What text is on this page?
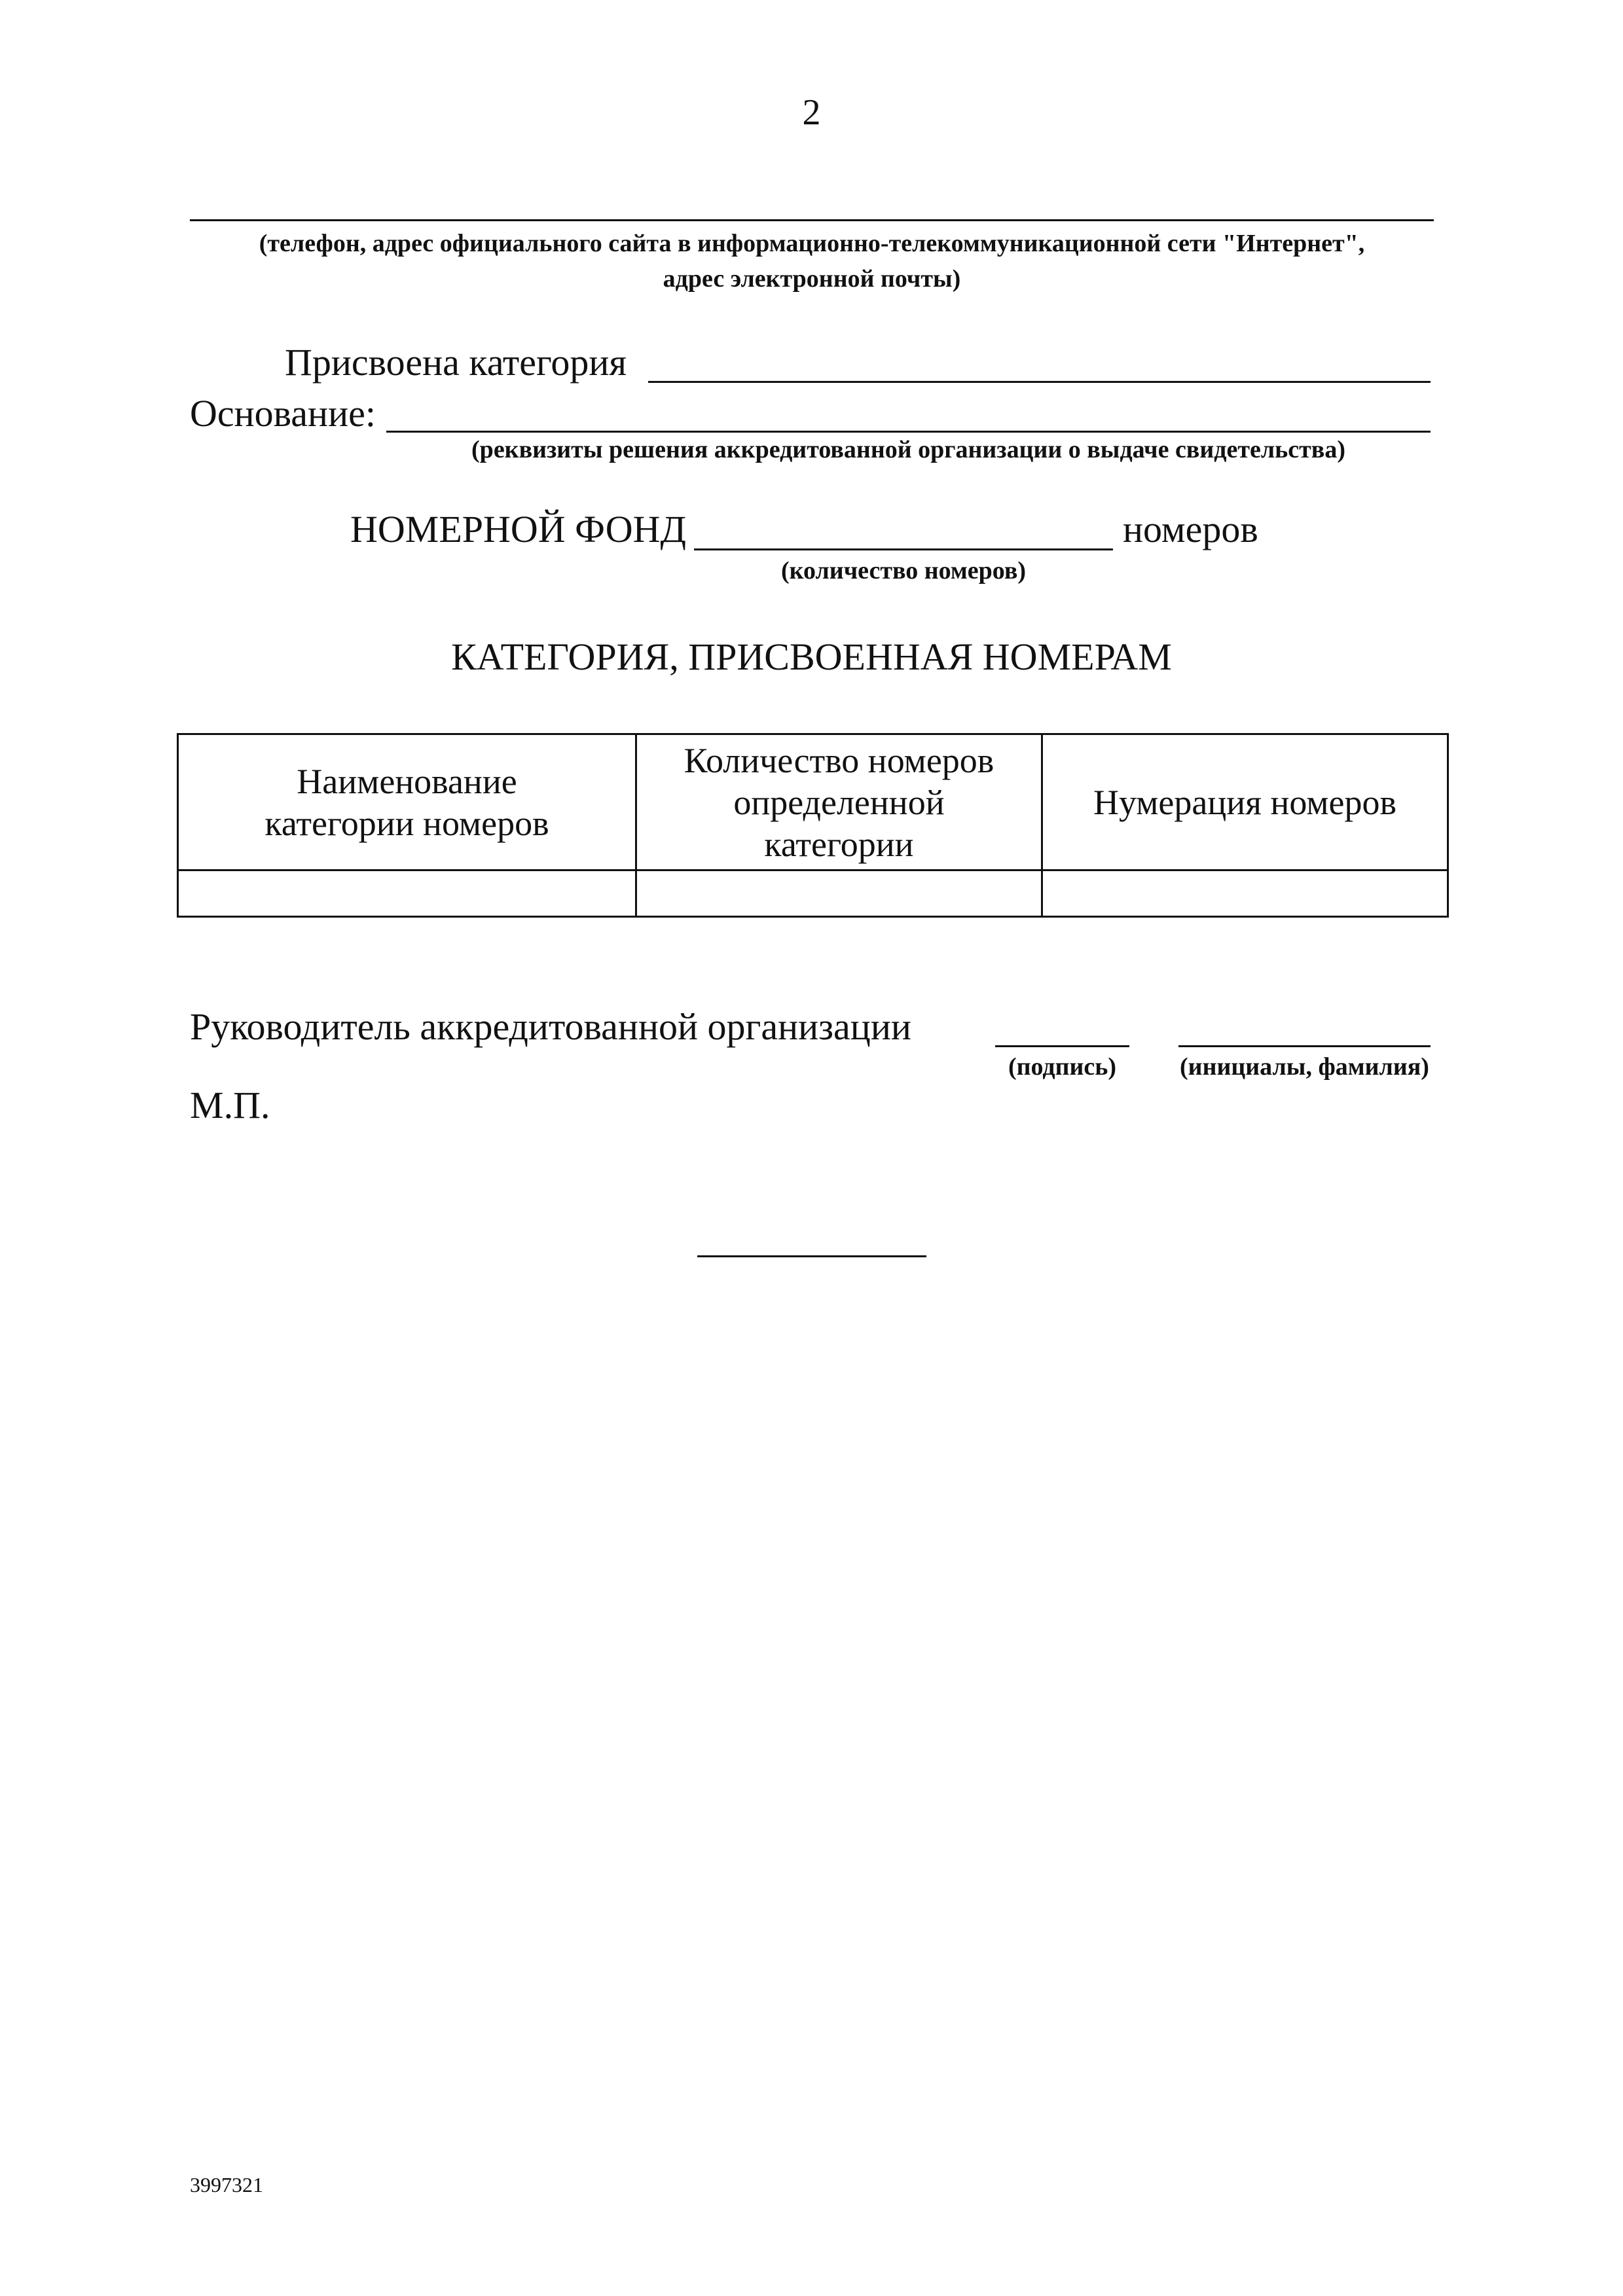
2
(телефон, адрес официального сайта в информационно-телекоммуникационной сети "Интернет",
адрес электронной почты)
Присвоена категория
Основание:
(реквизиты решения аккредитованной организации о выдаче свидетельства)
НОМЕРНОЙ ФОНД	номеров
(количество номеров)
КАТЕГОРИЯ, ПРИСВОЕННАЯ НОМЕРАМ
Наименование категории номеров	Количество номеров определенной категории	Нумерация номеров

Руководитель аккредитованной организации
(подпись)	(инициалы, фамилия)
М.П.
3997321
